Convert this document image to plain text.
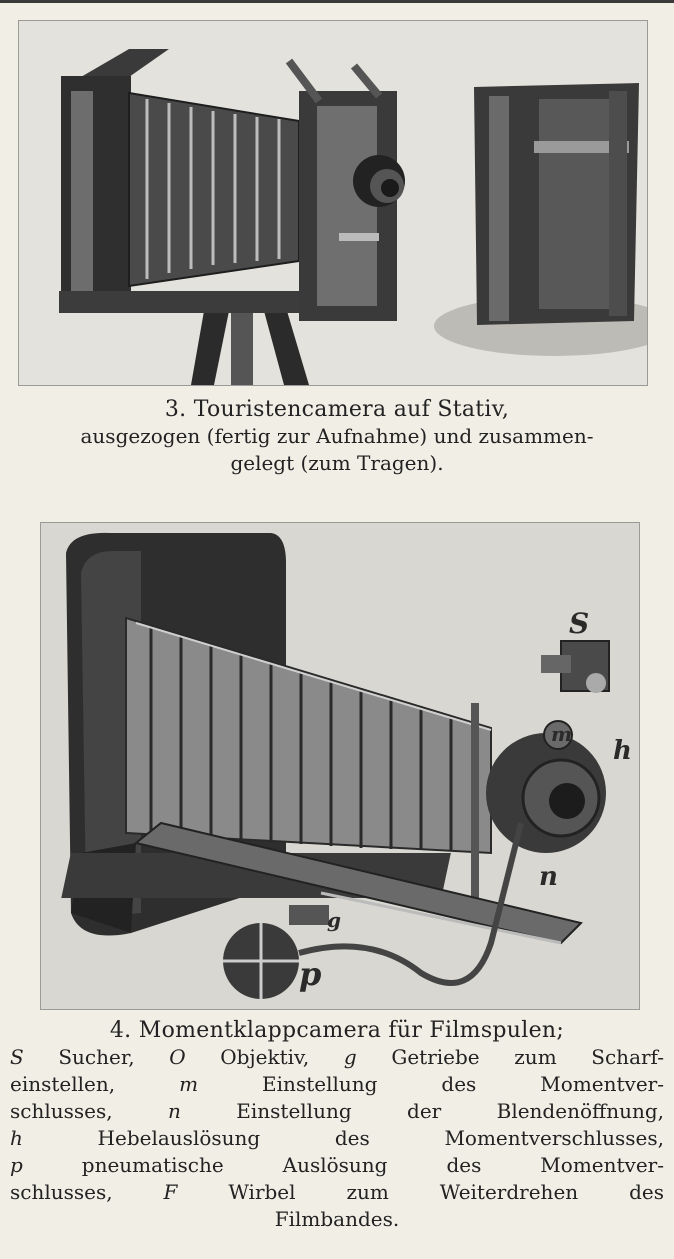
3. Touristencamera auf Stativ,
ausgezogen (fertig zur Aufnahme) und zusammen-
gelegt (zum Tragen).
S
m
h
n
g
p
4. Momentklappcamera für Filmspulen;
S Sucher, O Objektiv, g Getriebe zum Scharf-
einstellen, m Einstellung des Momentver-
schlusses, n Einstellung der Blendenöffnung,
h Hebelauslösung des Momentverschlusses,
p pneumatische Auslösung des Momentver-
schlusses, F Wirbel zum Weiterdrehen des
Filmbandes.
